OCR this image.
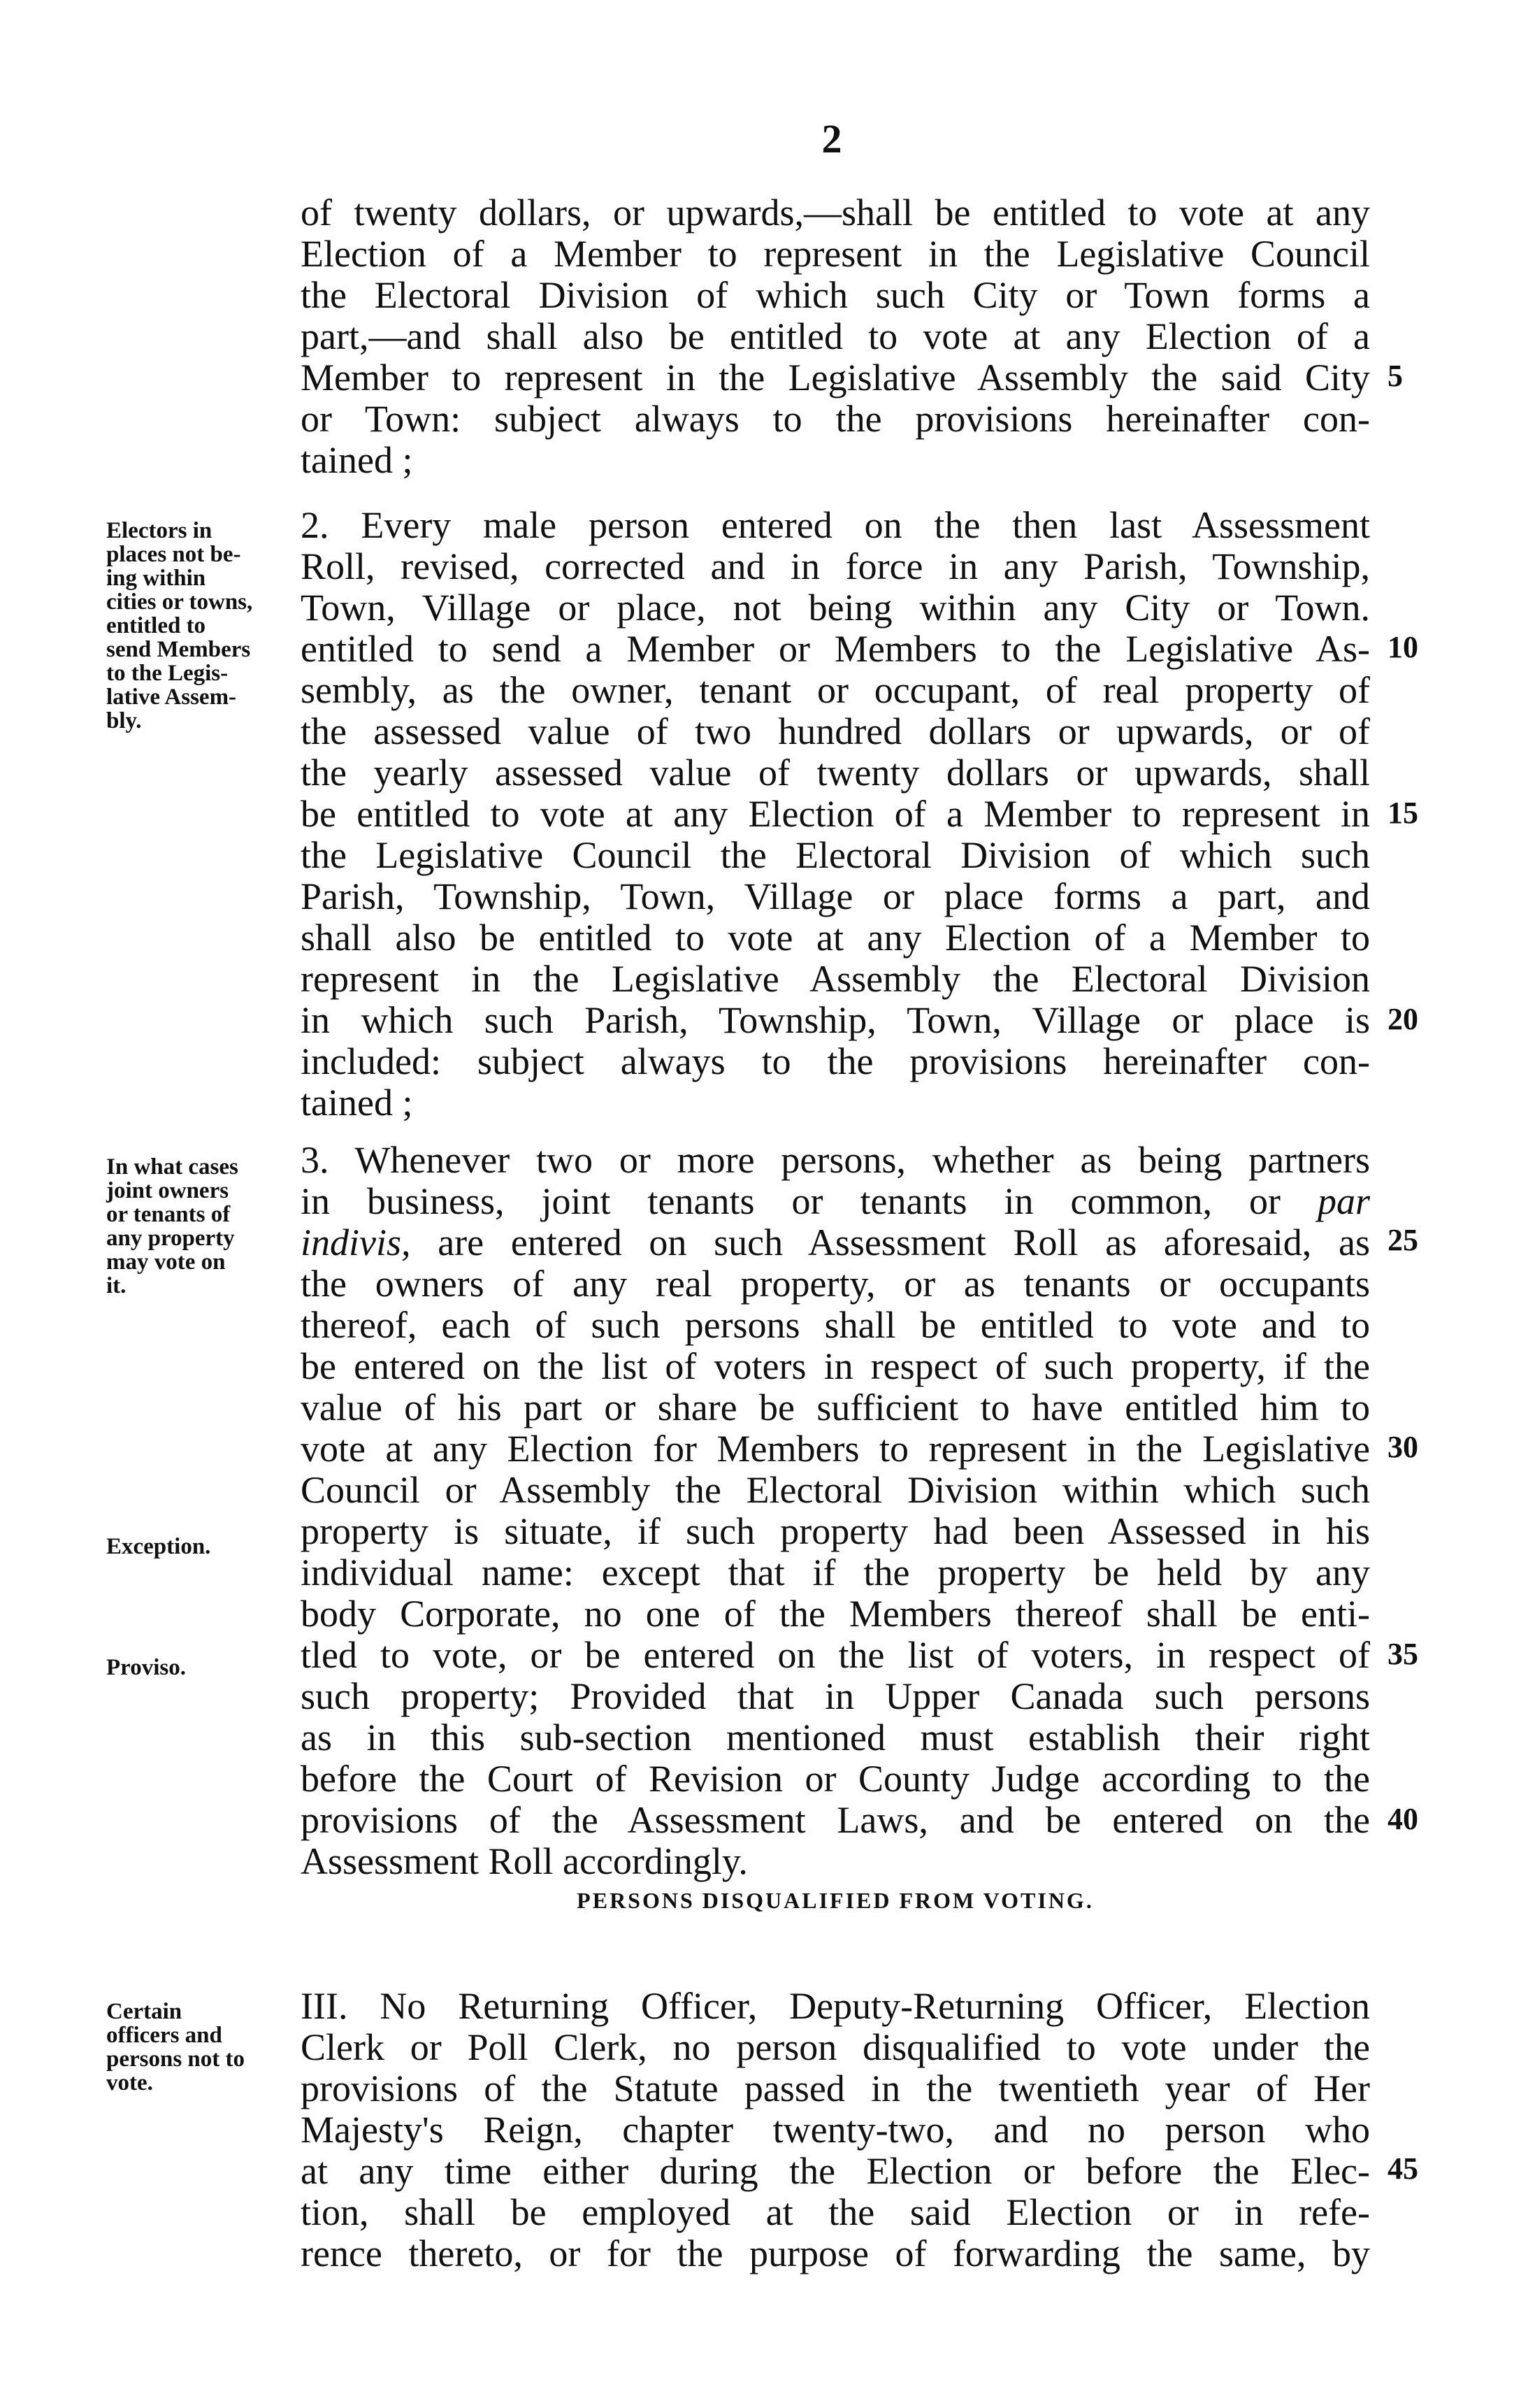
2
of twenty dollars, or upwards,—shall be entitled to vote at any
Election of a Member to represent in the Legislative Council
the Electoral Division of which such City or Town forms a
part,—and shall also be entitled to vote at any Election of a
Member to represent in the Legislative Assembly the said City
or Town: subject always to the provisions hereinafter con-
tained ;
Electors in
places not be-
ing within
cities or towns,
entitled to
send Members
to the Legis-
lative Assem-
bly.
2. Every male person entered on the then last Assessment
Roll, revised, corrected and in force in any Parish, Township,
Town, Village or place, not being within any City or Town.
entitled to send a Member or Members to the Legislative As-
sembly, as the owner, tenant or occupant, of real property of
the assessed value of two hundred dollars or upwards, or of
the yearly assessed value of twenty dollars or upwards, shall
be entitled to vote at any Election of a Member to represent in
the Legislative Council the Electoral Division of which such
Parish, Township, Town, Village or place forms a part, and
shall also be entitled to vote at any Election of a Member to
represent in the Legislative Assembly the Electoral Division
in which such Parish, Township, Town, Village or place is
included: subject always to the provisions hereinafter con-
tained ;
In what cases
joint owners
or tenants of
any property
may vote on
it.
Exception.
Proviso.
3. Whenever two or more persons, whether as being partners
in business, joint tenants or tenants in common, or par
indivis, are entered on such Assessment Roll as aforesaid, as
the owners of any real property, or as tenants or occupants
thereof, each of such persons shall be entitled to vote and to
be entered on the list of voters in respect of such property, if the
value of his part or share be sufficient to have entitled him to
vote at any Election for Members to represent in the Legislative
Council or Assembly the Electoral Division within which such
property is situate, if such property had been Assessed in his
individual name: except that if the property be held by any
body Corporate, no one of the Members thereof shall be enti-
tled to vote, or be entered on the list of voters, in respect of
such property; Provided that in Upper Canada such persons
as in this sub-section mentioned must establish their right
before the Court of Revision or County Judge according to the
provisions of the Assessment Laws, and be entered on the
Assessment Roll accordingly.
PERSONS DISQUALIFIED FROM VOTING.
Certain
officers and
persons not to
vote.
III. No Returning Officer, Deputy-Returning Officer, Election
Clerk or Poll Clerk, no person disqualified to vote under the
provisions of the Statute passed in the twentieth year of Her
Majesty's Reign, chapter twenty-two, and no person who
at any time either during the Election or before the Elec-
tion, shall be employed at the said Election or in refe-
rence thereto, or for the purpose of forwarding the same, by
5
10
15
20
25
30
35
40
45
